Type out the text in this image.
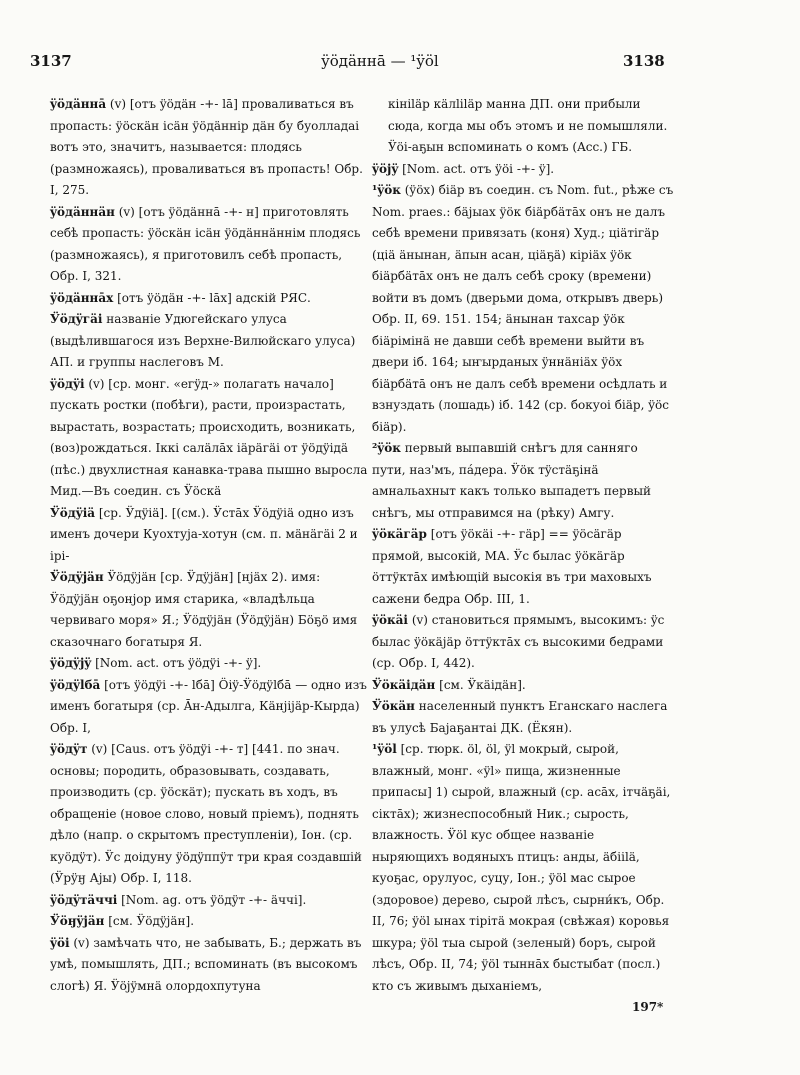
3137	ÿöдäннā — ¹ÿöl	3138

ÿöдäннā (v) [отъ ÿöдäн -+- lā] проваливаться въ пропасть: ÿöскäн iсäн ÿöдäннiр дäн бу буолладаi вотъ это, значитъ, называется: плодясь (размножаясь), проваливаться въ пропасть! Обр. I, 275.

ÿöдäннäн (v) [отъ ÿöдäннā -+- н] приготовлять себѣ пропасть: ÿöскäн iсäн ÿöдäннäннiм плодясь (размножаясь), я приготовилъ себѣ пропасть, Обр. I, 321.

ÿöдäннāх [отъ ÿöдäн -+- lāх] адскiй РЯС.

Ӱöдÿгäi названiе Удюгейскаго улуса (выдѣлившагося изъ Верхне-Вилюйскаго улуса) АП. и группы наслеговъ М.

ÿöдÿi (v) [ср. монг. «егÿд-» полагать начало] пускать ростки (побѣги), расти, произрастать, вырастать, возрастать; происходить, возникать, (воз)рождаться. Iккi салäлāх iäрäгäi от ÿöдÿiдä (пѣс.) двухлистная канавка-трава пышно выросла Мид.—Въ соедин. съ Ӱöскä

Ӱöдÿiä [ср. Ӱдÿiä]. [(см.). Ӱстāх Ӱöдÿiä одно изъ именъ дочери Куохтуја-хотун (см. п. мäнäгäi 2 и iрi-

Ӱöдÿjäн Ӱöдÿjäн [ср. Ӱдÿjäн] [нjäх 2). имя: Ӱöдÿjäн оҕонjор имя старика, «владѣльца червиваго моря» Я.; Ӱöдÿjäн (Ӱöдÿjäн) Бöҕö имя сказочнаго богатыря Я.

ÿöдÿjÿ [Nom. act. отъ ÿöдÿi -+- ÿ].

ÿöдÿlбā [отъ ÿöдÿi -+- lбā] Öiÿ-Ӱöдÿlбā — одно изъ именъ богатыря (ср. Āн-Адылга, Кäнjiјäр-Кырда) Обр. I,

ÿöдÿт (v) [Caus. отъ ÿöдÿi -+- т] [441. по знач. основы; породить, образовывать, создавать, производить (ср. ÿöскäт); пускать въ ходъ, въ обращенiе (новое слово, новый прiемъ), поднять дѣло (напр. о скрытомъ преступленiи), Іон. (ср. куöдÿт). Ӱс доiдуну ÿöдÿппÿт три края создавшiй (Ӱрÿӈ Аjы) Обр. I, 118.

ÿöдÿтäччi [Nom. ag. отъ ÿöдÿт -+- äччi].

Ӱöӈÿjäн [см. Ӱöдÿjäн].

ÿöi (v) замѣчать что, не забывать, Б.; держать въ умѣ, помышлять, ДП.; вспоминать (въ высокомъ слогѣ) Я. Ӱöjÿмнä олордохпутуна

кiнiläр кäлliläр манна ДП. они прибыли сюда, когда мы объ этомъ и не помышляли. Ӱöi-аҕын вспоминать о комъ (Acc.) ГБ.

ÿöjÿ [Nom. act. отъ ÿöi -+- ÿ].

¹ÿöк (ÿöх) бiäр въ соедин. съ Nom. fut., рѣже съ Nom. praes.: бäјыах ÿöк бiäрбäтāх онъ не далъ себѣ времени привязать (коня) Худ.; цiäтiгäр (цiä äнынан, äпын асан, цiäҕä) кiрiäх ÿöк бiäрбäтāх онъ не далъ себѣ сроку (времени) войти въ домъ (дверьми дома, открывъ дверь) Обр. II, 69. 151. 154; äнынан тахсар ÿöк бiäрiмiнä не давши себѣ времени выйти въ двери iб. 164; ыҥырданых ÿннäнiäх ÿöх бiäрбäтā онъ не далъ себѣ времени осѣдлать и взнуздать (лошадь) iб. 142 (ср. бокуоi бiäр, ÿöс бiäр).

²ÿöк первый выпавшiй снѣгъ для санняго пути, наз'мъ, пáдера. Ӱöк тÿстäҕiнä амнальахныт какъ только выпадетъ первый снѣгъ, мы отправимся на (рѣку) Амгу.

ÿöкäгäр [отъ ÿöкäi -+- гäр] == ÿöсäгäр прямой, высокiй, МА. Ӱс былас ÿöкäгäр öттÿктāх имѣющiй высокiя въ три маховыхъ сажени бедра Обр. III, 1.

ÿöкäi (v) становиться прямымъ, высокимъ: ÿс былас ÿöкäјäр öттÿктāх съ высокими бедрами (ср. Обр. I, 442).

Ӱöкäiдäн [см. Ӱкäiдäн].

Ӱöкäн населенный пунктъ Еганскаго наслега въ улусѣ Баjаҕантаi ДК. (Ёкян).

¹ÿöl [ср. тюрк. öl, öl, ÿl мокрый, сырой, влажный, монг. «ÿl» пища, жизненные припасы] 1) сырой, влажный (ср. асāх, iтчäҕäi, сiктāх); жизнеспособный Ник.; сырость, влажность. Ӱöl кус общее названiе ныряющихъ водяныхъ птицъ: анды, äбiilä, куоҕас, орулуос, суцу, Іон.; ÿöl мас сырое (здоровое) дерево, сырой лѣсъ, сырни́къ, Обр. II, 76; ÿöl ынах тiрiтä мокрая (свѣжая) коровья шкура; ÿöl тыа сырой (зеленый) боръ, сырой лѣсъ, Обр. II, 74; ÿöl тыннāх быстыбат (посл.) кто съ живымъ дыханiемъ,

197*
